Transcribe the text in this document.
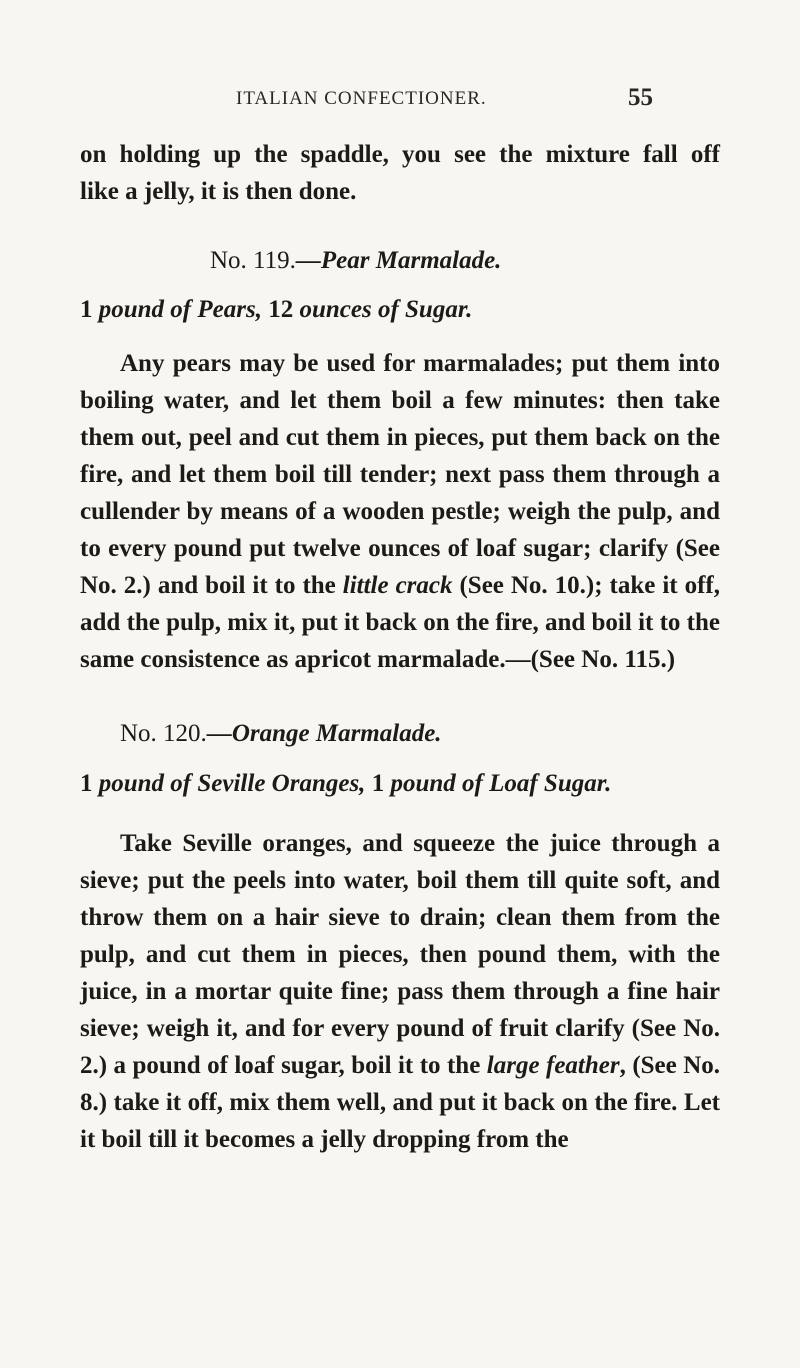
ITALIAN CONFECTIONER.	55
on holding up the spaddle, you see the mixture fall off
like a jelly, it is then done.
No. 119.—Pear Marmalade.
1 pound of Pears, 12 ounces of Sugar.

Any pears may be used for marmalades; put them into boiling water, and let them boil a few minutes: then take them out, peel and cut them in pieces, put them back on the fire, and let them boil till tender; next pass them through a cullender by means of a wooden pestle; weigh the pulp, and to every pound put twelve ounces of loaf sugar; clarify (See No. 2.) and boil it to the little crack (See No. 10.); take it off, add the pulp, mix it, put it back on the fire, and boil it to the same consistence as apricot marmalade.—(See No. 115.)

No. 120.—Orange Marmalade.
1 pound of Seville Oranges, 1 pound of Loaf Sugar.

Take Seville oranges, and squeeze the juice through a sieve; put the peels into water, boil them till quite soft, and throw them on a hair sieve to drain; clean them from the pulp, and cut them in pieces, then pound them, with the juice, in a mortar quite fine; pass them through a fine hair sieve; weigh it, and for every pound of fruit clarify (See No. 2.) a pound of loaf sugar, boil it to the large feather, (See No. 8.) take it off, mix them well, and put it back on the fire. Let it boil till it becomes a jelly dropping from the
